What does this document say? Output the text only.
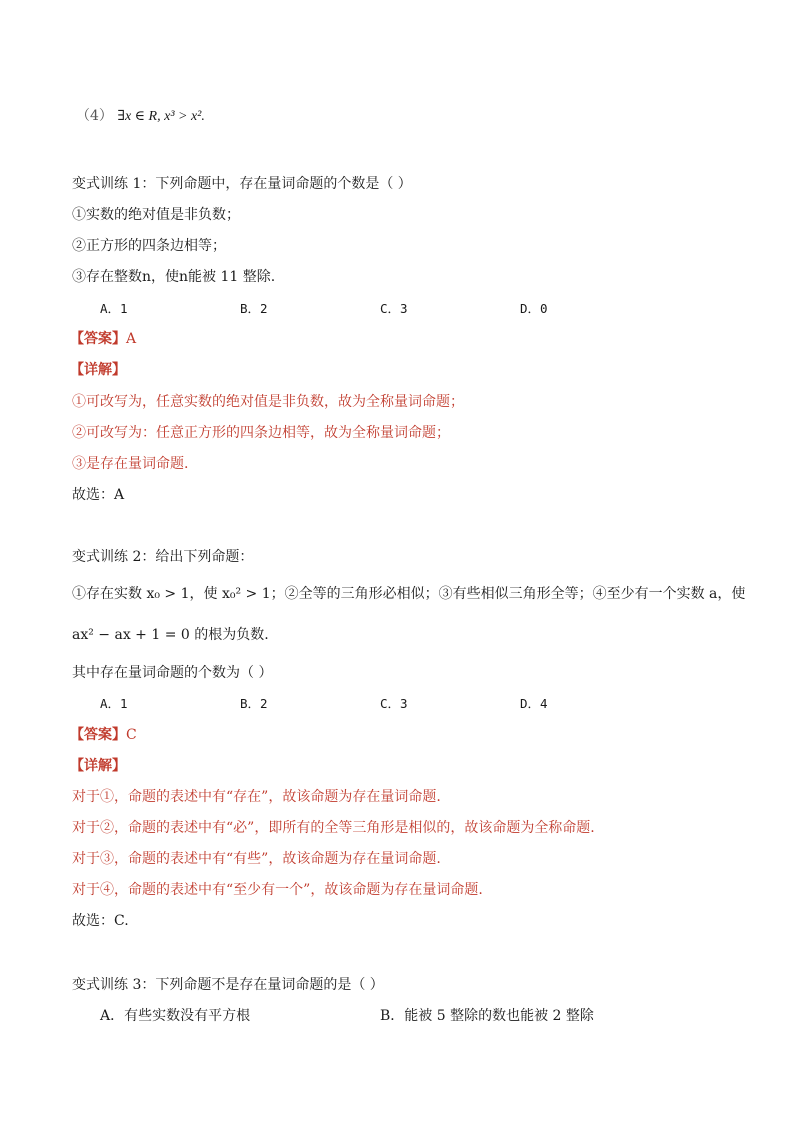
（4） ∃x ∈ R, x³ > x².
变式训练 1：下列命题中，存在量词命题的个数是（ ）
①实数的绝对值是非负数；
②正方形的四条边相等；
③存在整数n，使n能被 11 整除.
A．1	B．2	C．3	D．0
【答案】A
【详解】
①可改写为，任意实数的绝对值是非负数，故为全称量词命题；
②可改写为：任意正方形的四条边相等，故为全称量词命题；
③是存在量词命题.
故选：A
变式训练 2：给出下列命题：
①存在实数 x₀ > 1，使 x₀² > 1；②全等的三角形必相似；③有些相似三角形全等；④至少有一个实数 a，使
ax² − ax + 1 = 0 的根为负数.
其中存在量词命题的个数为（ ）
A．1	B．2	C．3	D．4
【答案】C
【详解】
对于①，命题的表述中有“存在”，故该命题为存在量词命题.
对于②，命题的表述中有“必”，即所有的全等三角形是相似的，故该命题为全称命题.
对于③，命题的表述中有“有些”，故该命题为存在量词命题.
对于④，命题的表述中有“至少有一个”，故该命题为存在量词命题.
故选：C.
变式训练 3：下列命题不是存在量词命题的是（ ）
A．有些实数没有平方根	B．能被 5 整除的数也能被 2 整除
